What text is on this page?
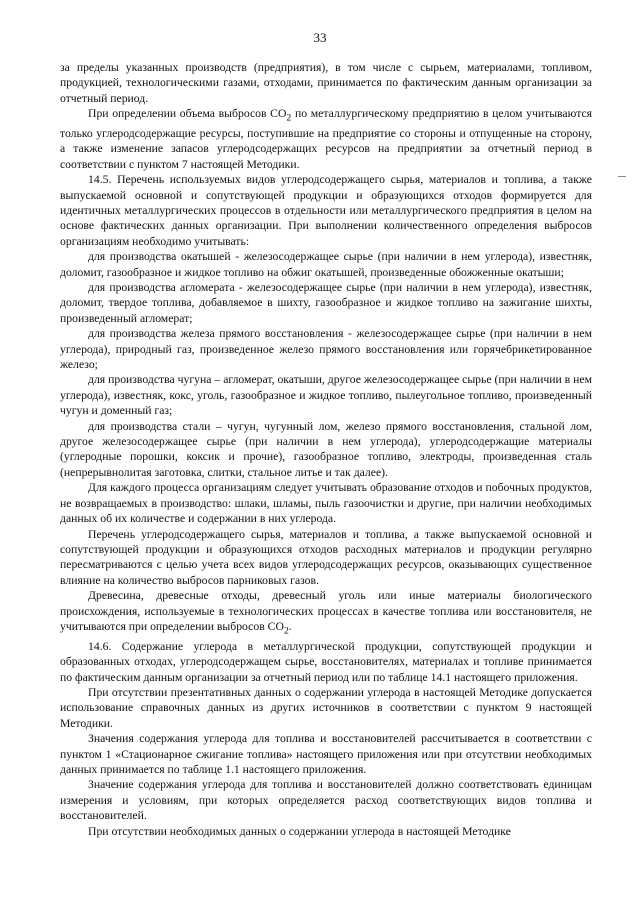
33

за пределы указанных производств (предприятия), в том числе с сырьем, материалами, топливом, продукцией, технологическими газами, отходами, принимается по фактическим данным организации за отчетный период.

При определении объема выбросов $CO_2$ по металлургическому предприятию в целом учитываются только углеродсодержащие ресурсы, поступившие на предприятие со стороны и отпущенные на сторону, а также изменение запасов углеродсодержащих ресурсов на предприятии за отчетный период в соответствии с пунктом 7 настоящей Методики.

14.5. Перечень используемых видов углеродсодержащего сырья, материалов и топлива, а также выпускаемой основной и сопутствующей продукции и образующихся отходов формируется для идентичных металлургических процессов в отдельности или металлургического предприятия в целом на основе фактических данных организации. При выполнении количественного определения выбросов организациям необходимо учитывать:

для производства окатышей - железосодержащее сырье (при наличии в нем углерода), известняк, доломит, газообразное и жидкое топливо на обжиг окатышей, произведенные обожженные окатыши;

для производства агломерата - железосодержащее сырье (при наличии в нем углерода), известняк, доломит, твердое топлива, добавляемое в шихту, газообразное и жидкое топливо на зажигание шихты, произведенный агломерат;

для производства железа прямого восстановления - железосодержащее сырье (при наличии в нем углерода), природный газ, произведенное железо прямого восстановления или горячебрикетированное железо;

для производства чугуна – агломерат, окатыши, другое железосодержащее сырье (при наличии в нем углерода), известняк, кокс, уголь, газообразное и жидкое топливо, пылеугольное топливо, произведенный чугун и доменный газ;

для производства стали – чугун, чугунный лом, железо прямого восстановления, стальной лом, другое железосодержащее сырье (при наличии в нем углерода), углеродсодержащие материалы (углеродные порошки, коксик и прочие), газообразное топливо, электроды, произведенная сталь (непрерывнолитая заготовка, слитки, стальное литье и так далее).

Для каждого процесса организациям следует учитывать образование отходов и побочных продуктов, не возвращаемых в производство: шлаки, шламы, пыль газоочистки и другие, при наличии необходимых данных об их количестве и содержании в них углерода.

Перечень углеродсодержащего сырья, материалов и топлива, а также выпускаемой основной и сопутствующей продукции и образующихся отходов расходных материалов и продукции регулярно пересматриваются с целью учета всех видов углеродсодержащих ресурсов, оказывающих существенное влияние на количество выбросов парниковых газов.

Древесина, древесные отходы, древесный уголь или иные материалы биологического происхождения, используемые в технологических процессах в качестве топлива или восстановителя, не учитываются при определении выбросов $CO_2$.

14.6. Содержание углерода в металлургической продукции, сопутствующей продукции и образованных отходах, углеродсодержащем сырье, восстановителях, материалах и топливе принимается по фактическим данным организации за отчетный период или по таблице 14.1 настоящего приложения.

При отсутствии презентативных данных о содержании углерода в настоящей Методике допускается использование справочных данных из других источников в соответствии с пунктом 9 настоящей Методики.

Значения содержания углерода для топлива и восстановителей рассчитывается в соответствии с пунктом 1 «Стационарное сжигание топлива» настоящего приложения или при отсутствии необходимых данных принимается по таблице 1.1 настоящего приложения.

Значение содержания углерода для топлива и восстановителей должно соответствовать единицам измерения и условиям, при которых определяется расход соответствующих видов топлива и восстановителей.

При отсутствии необходимых данных о содержании углерода в настоящей Методике
